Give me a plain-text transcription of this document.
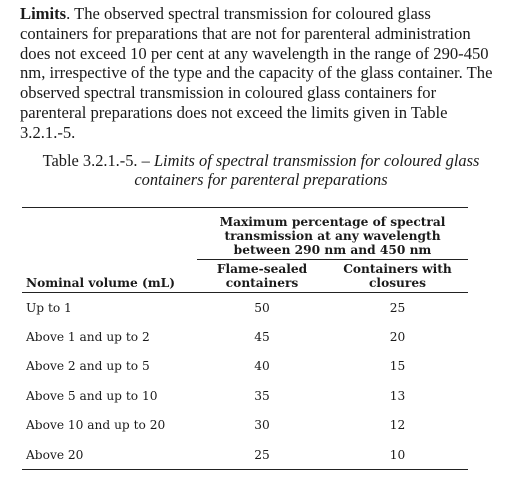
Limits. The observed spectral transmission for coloured glass containers for preparations that are not for parenteral administration does not exceed 10 per cent at any wavelength in the range of 290-450 nm, irrespective of the type and the capacity of the glass container. The observed spectral transmission in coloured glass containers for parenteral preparations does not exceed the limits given in Table 3.2.1.-5.

Table 3.2.1.-5. – Limits of spectral transmission for coloured glass containers for parenteral preparations
	Maximum percentage of spectral transmission at any wavelength between 290 nm and 450 nm	
Nominal volume (mL)	Flame-sealed containers	Containers with closures
Up to 1	50	25
Above 1 and up to 2	45	20
Above 2 and up to 5	40	15
Above 5 and up to 10	35	13
Above 10 and up to 20	30	12
Above 20	25	10
